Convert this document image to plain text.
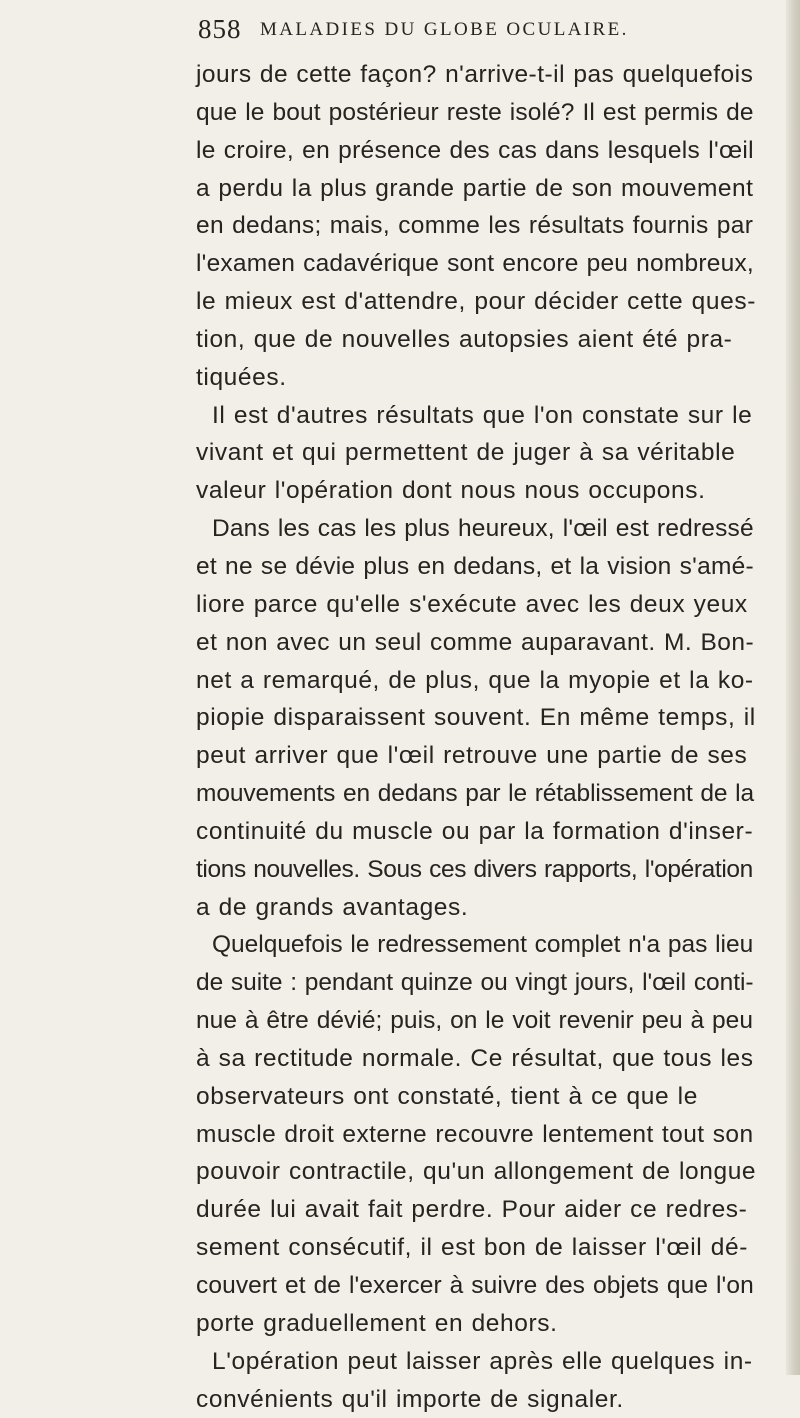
858 MALADIES DU GLOBE OCULAIRE.
jours de cette façon? n'arrive-t-il pas quelquefois
que le bout postérieur reste isolé? Il est permis de
le croire, en présence des cas dans lesquels l'œil
a perdu la plus grande partie de son mouvement
en dedans; mais, comme les résultats fournis par
l'examen cadavérique sont encore peu nombreux,
le mieux est d'attendre, pour décider cette ques-
tion, que de nouvelles autopsies aient été pra-
tiquées.
Il est d'autres résultats que l'on constate sur le
vivant et qui permettent de juger à sa véritable
valeur l'opération dont nous nous occupons.
Dans les cas les plus heureux, l'œil est redressé
et ne se dévie plus en dedans, et la vision s'amé-
liore parce qu'elle s'exécute avec les deux yeux
et non avec un seul comme auparavant. M. Bon-
net a remarqué, de plus, que la myopie et la ko-
piopie disparaissent souvent. En même temps, il
peut arriver que l'œil retrouve une partie de ses
mouvements en dedans par le rétablissement de la
continuité du muscle ou par la formation d'inser-
tions nouvelles. Sous ces divers rapports, l'opération
a de grands avantages.
Quelquefois le redressement complet n'a pas lieu
de suite : pendant quinze ou vingt jours, l'œil conti-
nue à être dévié; puis, on le voit revenir peu à peu
à sa rectitude normale. Ce résultat, que tous les
observateurs ont constaté, tient à ce que le
muscle droit externe recouvre lentement tout son
pouvoir contractile, qu'un allongement de longue
durée lui avait fait perdre. Pour aider ce redres-
sement consécutif, il est bon de laisser l'œil dé-
couvert et de l'exercer à suivre des objets que l'on
porte graduellement en dehors.
L'opération peut laisser après elle quelques in-
convénients qu'il importe de signaler.
